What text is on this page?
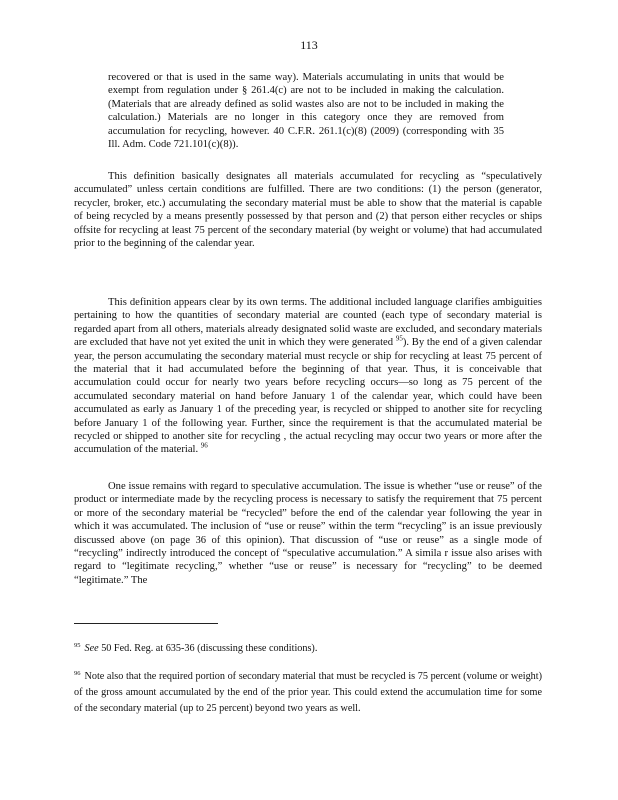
113

recovered or that is used in the same way). Materials accumulating in units that would be exempt from regulation under § 261.4(c) are not to be included in making the calculation. (Materials that are already defined as solid wastes also are not to be included in making the calculation.) Materials are no longer in this category once they are removed from accumulation for recycling, however. 40 C.F.R. 261.1(c)(8) (2009) (corresponding with 35 Ill. Adm. Code 721.101(c)(8)).

This definition basically designates all materials accumulated for recycling as “speculatively accumulated” unless certain conditions are fulfilled. There are two conditions: (1) the person (generator, recycler, broker, etc.) accumulating the secondary material must be able to show that the material is capable of being recycled by a means presently possessed by that person and (2) that person either recycles or ships offsite for recycling at least 75 percent of the secondary material (by weight or volume) that had accumulated prior to the beginning of the calendar year.

This definition appears clear by its own terms. The additional included language clarifies ambiguities pertaining to how the quantities of secondary material are counted (each type of secondary material is regarded apart from all others, materials already designated solid waste are excluded, and secondary materials are excluded that have not yet exited the unit in which they were generated $^{95}$). By the end of a given calendar year, the person accumulating the secondary material must recycle or ship for recycling at least 75 percent of the material that it had accumulated before the beginning of that year. Thus, it is conceivable that accumulation could occur for nearly two years before recycling occurs—so long as 75 percent of the accumulated secondary material on hand before January 1 of the calendar year, which could have been accumulated as early as January 1 of the preceding year, is recycled or shipped to another site for recycling before January 1 of the following year. Further, since the requirement is that the accumulated material be recycled or shipped to another site for recycling , the actual recycling may occur two years or more after the accumulation of the material. $^{96}$

One issue remains with regard to speculative accumulation. The issue is whether “use or reuse” of the product or intermediate made by the recycling process is necessary to satisfy the requirement that 75 percent or more of the secondary material be “recycled” before the end of the calendar year following the year in which it was accumulated. The inclusion of “use or reuse” within the term “recycling” is an issue previously discussed above (on page 36 of this opinion). That discussion of “use or reuse” as a single mode of “recycling” indirectly introduced the concept of “speculative accumulation.” A simila r issue also arises with regard to “legitimate recycling,” whether “use or reuse” is necessary for “recycling” to be deemed “legitimate.” The

$^{95}$ See 50 Fed. Reg. at 635-36 (discussing these conditions).
$^{96}$ Note also that the required portion of secondary material that must be recycled is 75 percent (volume or weight) of the gross amount accumulated by the end of the prior year. This could extend the accumulation time for some of the secondary material (up to 25 percent) beyond two years as well.
